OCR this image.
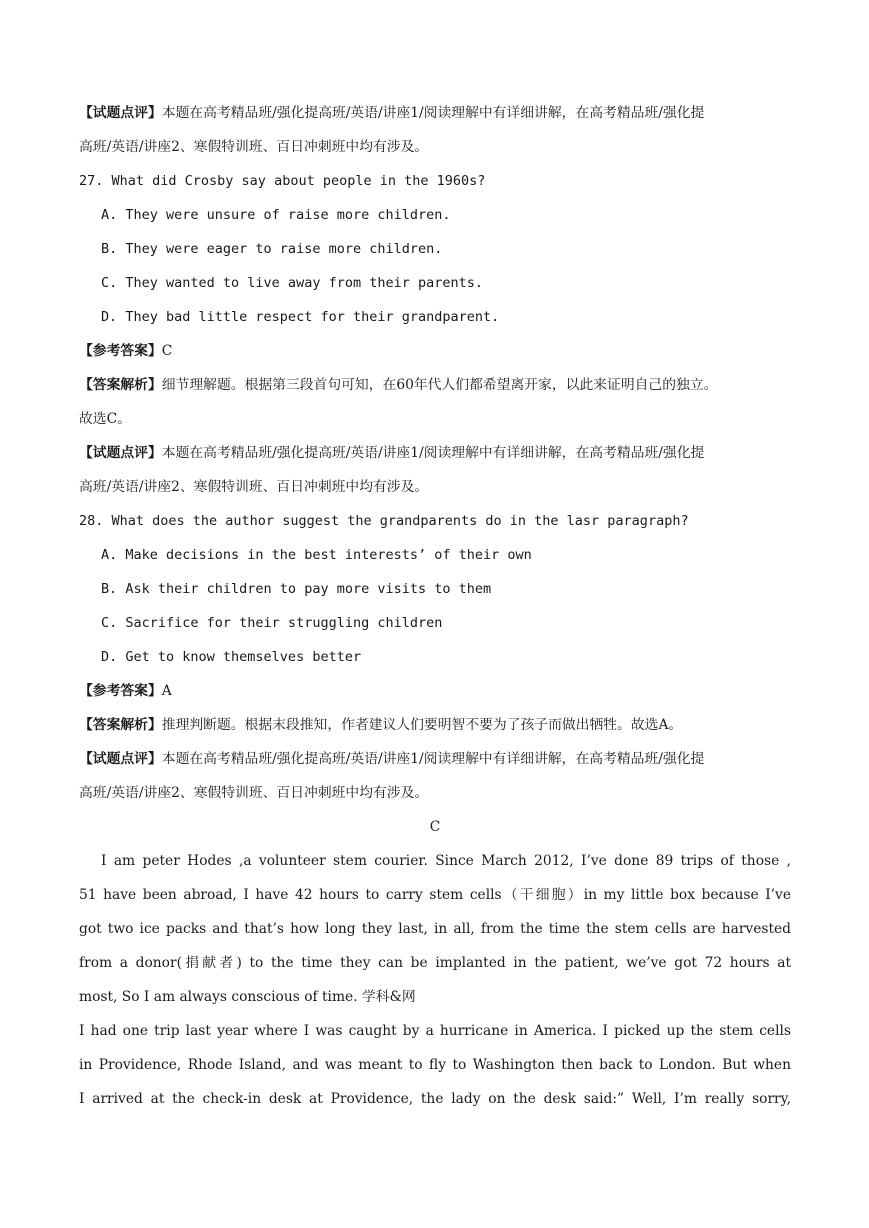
【试题点评】本题在高考精品班/强化提高班/英语/讲座1/阅读理解中有详细讲解，在高考精品班/强化提
高班/英语/讲座2、寒假特训班、百日冲刺班中均有涉及。
27. What did Crosby say about people in the 1960s?
A. They were unsure of raise more children.
B. They were eager to raise more children.
C. They wanted to live away from their parents.
D. They bad little respect for their grandparent.
【参考答案】C
【答案解析】细节理解题。根据第三段首句可知，在60年代人们都希望离开家，以此来证明自己的独立。
故选C。
【试题点评】本题在高考精品班/强化提高班/英语/讲座1/阅读理解中有详细讲解，在高考精品班/强化提
高班/英语/讲座2、寒假特训班、百日冲刺班中均有涉及。
28. What does the author suggest the grandparents do in the lasr paragraph?
A. Make decisions in the best interests’ of their own
B. Ask their children to pay more visits to them
C. Sacrifice for their struggling children
D. Get to know themselves better
【参考答案】A
【答案解析】推理判断题。根据末段推知，作者建议人们要明智不要为了孩子而做出牺牲。故选A。
【试题点评】本题在高考精品班/强化提高班/英语/讲座1/阅读理解中有详细讲解，在高考精品班/强化提
高班/英语/讲座2、寒假特训班、百日冲刺班中均有涉及。
C
I am peter Hodes ,a volunteer stem courier. Since March 2012, I’ve done 89 trips of those ,
51 have been abroad, I have 42 hours to carry stem cells（干细胞）in my little box because I’ve
got two ice packs and that’s how long they last, in all, from the time the stem cells are harvested
from a donor(捐献者) to the time they can be implanted in the patient, we’ve got 72 hours at
most, So I am always conscious of time. 学科&网
I had one trip last year where I was caught by a hurricane in America. I picked up the stem cells
in Providence, Rhode Island, and was meant to fly to Washington then back to London. But when
I arrived at the check-in desk at Providence, the lady on the desk said:” Well, I’m really sorry,
